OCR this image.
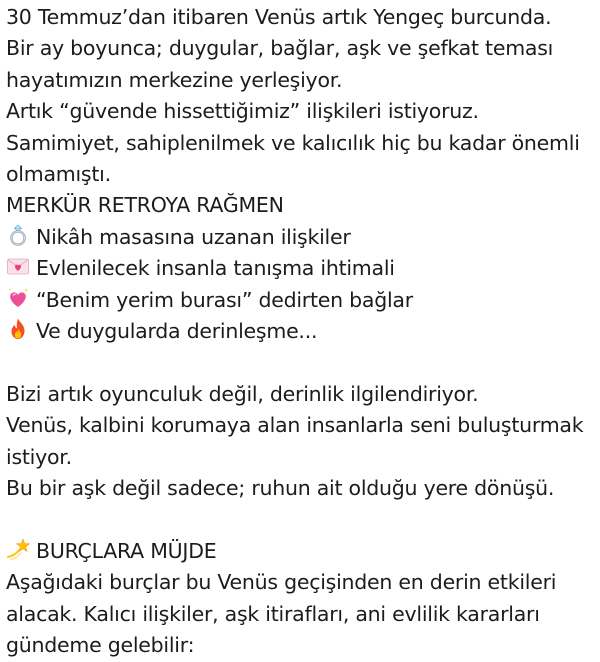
30 Temmuz’dan itibaren Venüs artık Yengeç burcunda.
Bir ay boyunca; duygular, bağlar, aşk ve şefkat teması
hayatımızın merkezine yerleşiyor.
Artık “güvende hissettiğimiz” ilişkileri istiyoruz.
Samimiyet, sahiplenilmek ve kalıcılık hiç bu kadar önemli
olmamıştı.
MERKÜR RETROYA RAĞMEN
Nikâh masasına uzanan ilişkiler
Evlenilecek insanla tanışma ihtimali
“Benim yerim burası” dedirten bağlar
Ve duygularda derinleşme...
Bizi artık oyunculuk değil, derinlik ilgilendiriyor.
Venüs, kalbini korumaya alan insanlarla seni buluşturmak
istiyor.
Bu bir aşk değil sadece; ruhun ait olduğu yere dönüşü.
BURÇLARA MÜJDE
Aşağıdaki burçlar bu Venüs geçişinden en derin etkileri
alacak. Kalıcı ilişkiler, aşk itirafları, ani evlilik kararları
gündeme gelebilir:
